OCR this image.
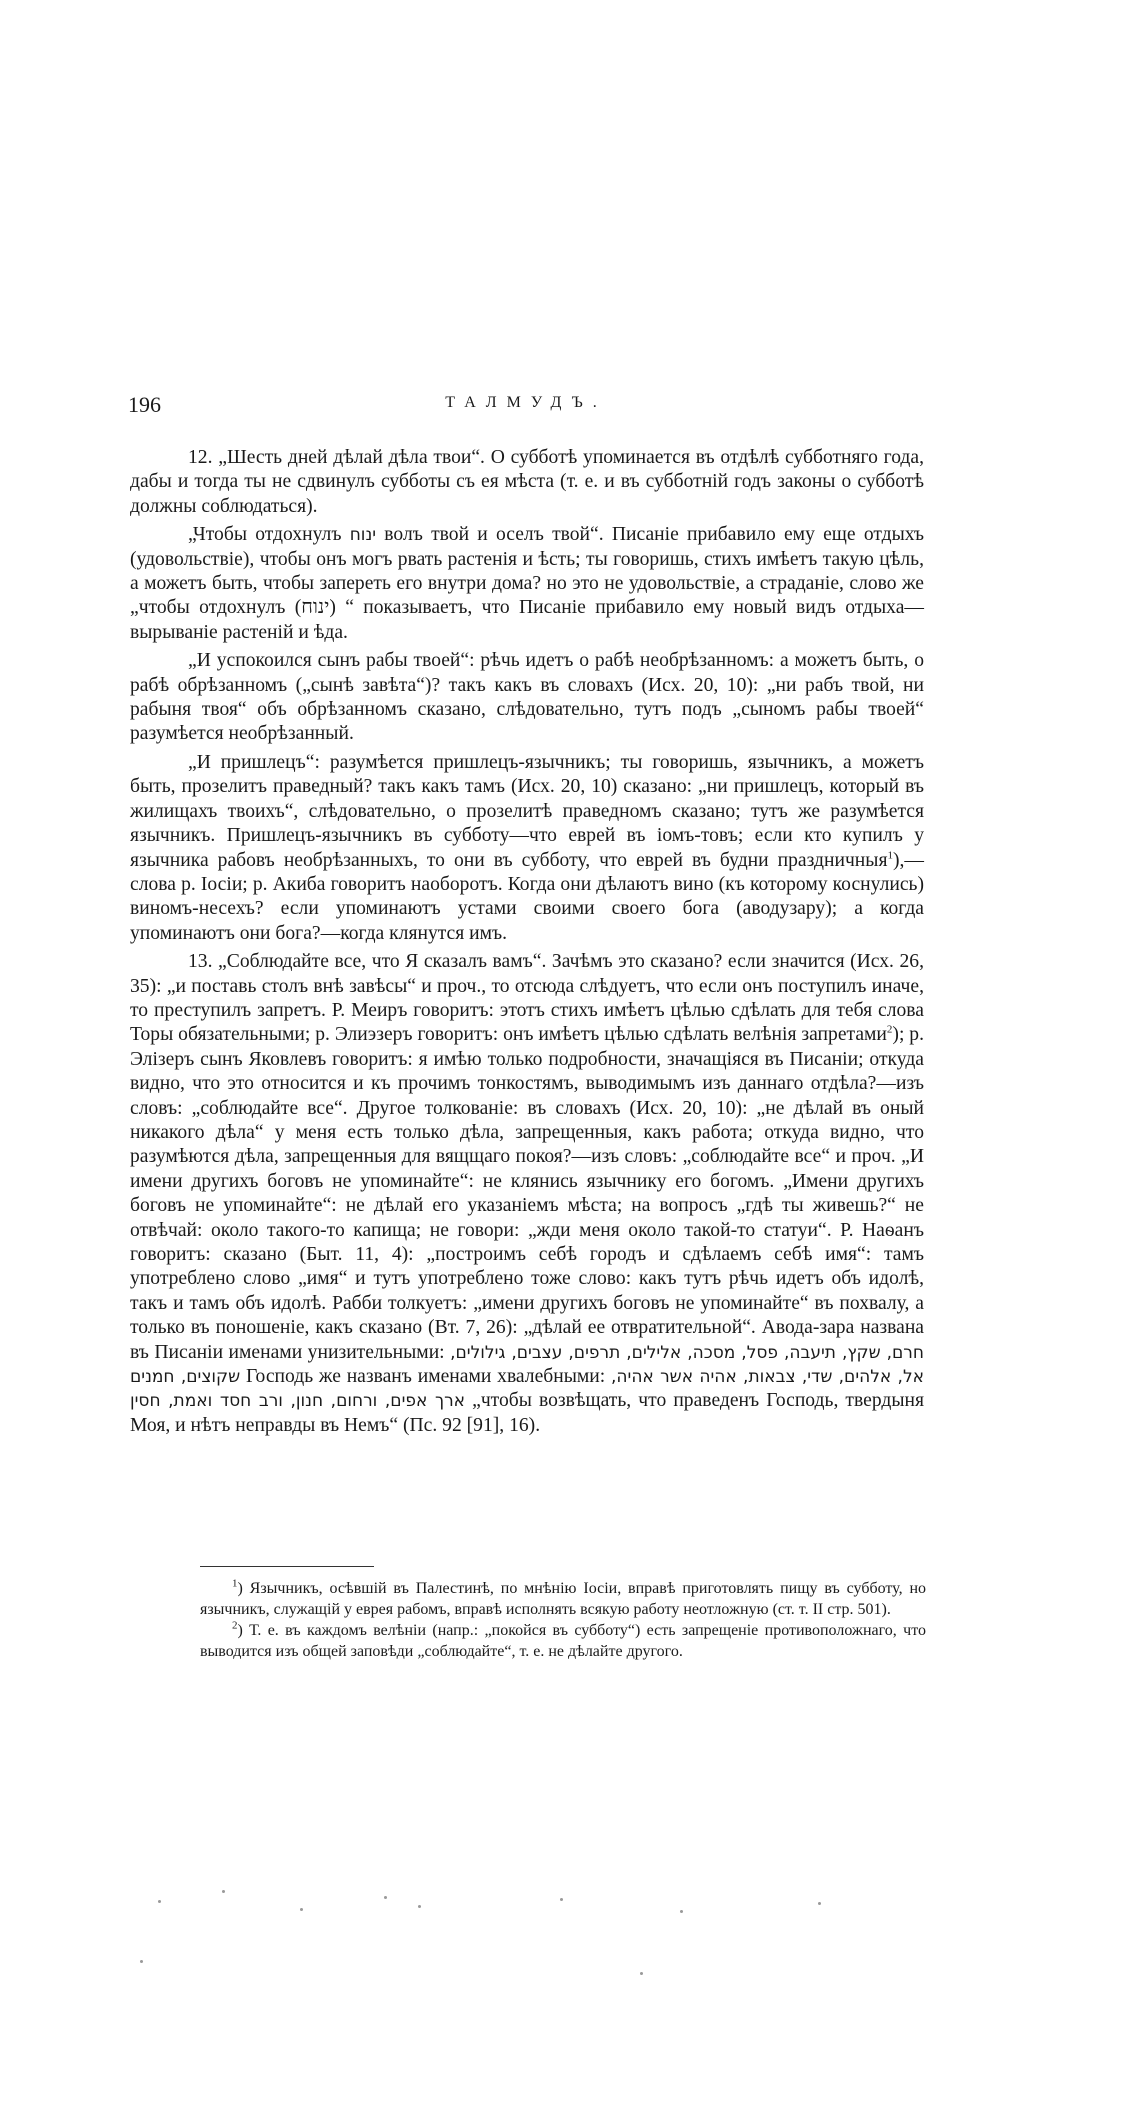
196	ТАЛМУДЪ.

12. „Шесть дней дѣлай дѣла твои“. О субботѣ упоминается въ отдѣлѣ субботняго года, дабы и тогда ты не сдвинулъ субботы съ ея мѣста (т. е. и въ субботній годъ законы о субботѣ должны соблюдаться).

„Чтобы отдохнулъ ינוח волъ твой и оселъ твой“. Писаніе прибавило ему еще отдыхъ (удовольствіе), чтобы онъ могъ рвать растенія и ѣсть; ты говоришь, стихъ имѣетъ такую цѣль, а можетъ быть, чтобы запереть его внутри дома? но это не удовольствіе, а страданіе, слово же „чтобы отдохнулъ (ינוח) “ показываетъ, что Писаніе прибавило ему новый видъ отдыха—вырываніе растеній и ѣда.

„И успокоился сынъ рабы твоей“: рѣчь идетъ о рабѣ необрѣзанномъ: а можетъ быть, о рабѣ обрѣзанномъ („сынѣ завѣта“)? такъ какъ въ словахъ (Исх. 20, 10): „ни рабъ твой, ни рабыня твоя“ объ обрѣзанномъ сказано, слѣдовательно, тутъ подъ „сыномъ рабы твоей“ разумѣется необрѣзанный.

„И пришлецъ“: разумѣется пришлецъ-язычникъ; ты говоришь, язычникъ, а можетъ быть, прозелитъ праведный? такъ какъ тамъ (Исх. 20, 10) сказано: „ни пришлецъ, который въ жилищахъ твоихъ“, слѣдовательно, о прозелитѣ праведномъ сказано; тутъ же разумѣется язычникъ. Пришлецъ-язычникъ въ субботу—что еврей въ іомъ-товъ; если кто купилъ у язычника рабовъ необрѣзанныхъ, то они въ субботу, что еврей въ будни праздничныя$^1$),—слова р. Іосіи; р. Акиба говоритъ наоборотъ. Когда они дѣлаютъ вино (къ которому коснулись) виномъ-несехъ? если упоминаютъ устами своими своего бога (аводузару); а когда упоминаютъ они бога?—когда клянутся имъ.

13. „Соблюдайте все, что Я сказалъ вамъ“. Зачѣмъ это сказано? если значится (Исх. 26, 35): „и поставь столъ внѣ завѣсы“ и проч., то отсюда слѣдуетъ, что если онъ поступилъ иначе, то преступилъ запретъ. Р. Меиръ говоритъ: этотъ стихъ имѣетъ цѣлью сдѣлать для тебя слова Торы обязательными; р. Элиэзеръ говоритъ: онъ имѣетъ цѣлью сдѣлать велѣнія запретами$^2$); р. Элізеръ сынъ Яковлевъ говоритъ: я имѣю только подробности, значащіяся въ Писаніи; откуда видно, что это относится и къ прочимъ тонкостямъ, выводимымъ изъ даннаго отдѣла?—изъ словъ: „соблюдайте все“. Другое толкованіе: въ словахъ (Исх. 20, 10): „не дѣлай въ оный никакого дѣла“ у меня есть только дѣла, запрещенныя, какъ работа; откуда видно, что разумѣются дѣла, запрещенныя для вящщаго покоя?—изъ словъ: „соблюдайте все“ и проч. „И имени другихъ боговъ не упоминайте“: не клянись язычнику его богомъ. „Имени другихъ боговъ не упоминайте“: не дѣлай его указаніемъ мѣста; на вопросъ „гдѣ ты живешь?“ не отвѣчай: около такого-то капища; не говори: „жди меня около такой-то статуи“. Р. Наѳанъ говоритъ: сказано (Быт. 11, 4): „построимъ себѣ городъ и сдѣлаемъ себѣ имя“: тамъ употреблено слово „имя“ и тутъ употреблено тоже слово: какъ тутъ рѣчь идетъ объ идолѣ, такъ и тамъ объ идолѣ. Рабби толкуетъ: „имени другихъ боговъ не упоминайте“ въ похвалу, а только въ поношеніе, какъ сказано (Вт. 7, 26): „дѣлай ее отвратительной“. Авода-зара названа въ Писаніи именами унизительными: חרם, שקץ, תיעבה, פסל, מסכה, אלילים, תרפים, עצבים, גילולים, שקוצים, חמנים Господь же названъ именами хвалебными: אל, אלהים, שדי, צבאות, אהיה אשר אהיה, ארך אפים, ורחום, חנון, ורב חסד ואמת, חסין „чтобы возвѣщать, что праведенъ Господь, твердыня Моя, и нѣтъ неправды въ Немъ“ (Пс. 92 [91], 16).

$^1$) Язычникъ, осѣвшій въ Палестинѣ, по мнѣнію Іосіи, вправѣ приготовлять пищу въ субботу, но язычникъ, служащій у еврея рабомъ, вправѣ исполнять всякую работу неотложную (ст. т. II стр. 501).

$^2$) Т. е. въ каждомъ велѣніи (напр.: „покойся въ субботу“) есть запрещеніе противоположнаго, что выводится изъ общей заповѣди „соблюдайте“, т. е. не дѣлайте другого.
